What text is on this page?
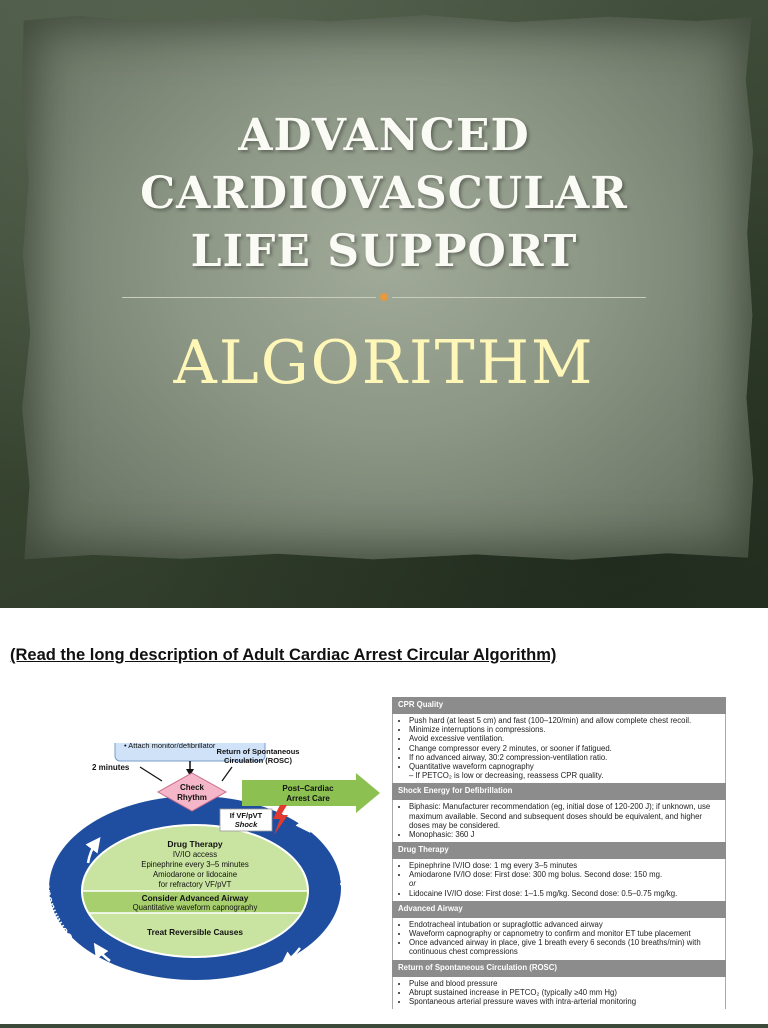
ADVANCED
CARDIOVASCULAR
LIFE SUPPORT
ALGORITHM
(Read the long description of Adult Cardiac Arrest Circular Algorithm)
Continuous CPR
Continuous CPR
Monitor CPR Quality
• Attach monitor/defibrillator
2 minutes
Return of Spontaneous
Circulation (ROSC)
Post–Cardiac
Arrest Care
Check
Rhythm
If VF/pVT
Shock
Drug Therapy
IV/IO access
Epinephrine every 3–5 minutes
Amiodarone or lidocaine
for refractory VF/pVT
Consider Advanced Airway
Quantitative waveform capnography
Treat Reversible Causes
CPR Quality
• Push hard (at least 5 cm) and fast (100–120/min) and allow complete chest recoil.
• Minimize interruptions in compressions.
• Avoid excessive ventilation.
• Change compressor every 2 minutes, or sooner if fatigued.
• If no advanced airway, 30:2 compression-ventilation ratio.
• Quantitative waveform capnography
– If PETCO₂ is low or decreasing, reassess CPR quality.
Shock Energy for Defibrillation
• Biphasic: Manufacturer recommendation (eg, initial dose of 120-200 J); if unknown, use maximum available. Second and subsequent doses should be equivalent, and higher doses may be considered.
• Monophasic: 360 J
Drug Therapy
• Epinephrine IV/IO dose: 1 mg every 3–5 minutes
• Amiodarone IV/IO dose: First dose: 300 mg bolus. Second dose: 150 mg.
or
• Lidocaine IV/IO dose: First dose: 1–1.5 mg/kg. Second dose: 0.5–0.75 mg/kg.
Advanced Airway
• Endotracheal intubation or supraglottic advanced airway
• Waveform capnography or capnometry to confirm and monitor ET tube placement
• Once advanced airway in place, give 1 breath every 6 seconds (10 breaths/min) with continuous chest compressions
Return of Spontaneous Circulation (ROSC)
• Pulse and blood pressure
• Abrupt sustained increase in PETCO₂ (typically ≥40 mm Hg)
• Spontaneous arterial pressure waves with intra-arterial monitoring
